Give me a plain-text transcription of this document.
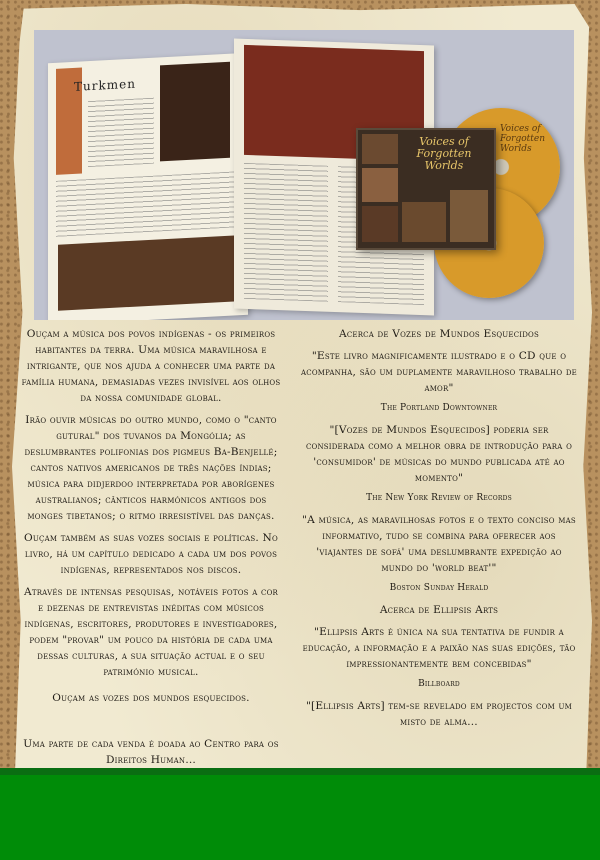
Turkmen
Voices of Forgotten Worlds
Voices of Forgotten Worlds

Ouçam a música dos povos indígenas - os primeiros habitantes da terra. Uma música maravilhosa e intrigante, que nos ajuda a conhecer uma parte da família humana, demasiadas vezes invisível aos olhos da nossa comunidade global.

Irão ouvir músicas do outro mundo, como o "canto gutural" dos tuvanos da Mongólia; as deslumbrantes polifonias dos pigmeus Ba-Benjellé; cantos nativos americanos de três nações índias; música para didjerdoo interpretada por aborígenes australianos; cânticos harmónicos antigos dos monges tibetanos; o ritmo irresistível das danças.

Ouçam também as suas vozes sociais e políticas. No livro, há um capítulo dedicado a cada um dos povos indígenas, representados nos discos.

Através de intensas pesquisas, notáveis fotos a cor e dezenas de entrevistas inéditas com músicos indígenas, escritores, produtores e investigadores, podem "provar" um pouco da história de cada uma dessas culturas, a sua situação actual e o seu património musical.

Ouçam as vozes dos mundos esquecidos.

Uma parte de cada venda é doada ao Centro para os Direitos Human…

Acerca de Vozes de Mundos Esquecidos

"Este livro magnificamente ilustrado e o CD que o acompanha, são um duplamente maravilhoso trabalho de amor"

The Portland Downtowner

"[Vozes de Mundos Esquecidos] poderia ser considerada como a melhor obra de introdução para o 'consumidor' de músicas do mundo publicada até ao momento"

The New York Review of Records

"A música, as maravilhosas fotos e o texto conciso mas informativo, tudo se combina para oferecer aos 'viajantes de sofá' uma deslumbrante expedição ao mundo do 'world beat'"

Boston Sunday Herald

Acerca de Ellipsis Arts

"Ellipsis Arts é única na sua tentativa de fundir a educação, a informação e a paixão nas suas edições, tão impressionantemente bem concebidas"

Billboard

"[Ellipsis Arts] tem-se revelado em projectos com um misto de alma…
